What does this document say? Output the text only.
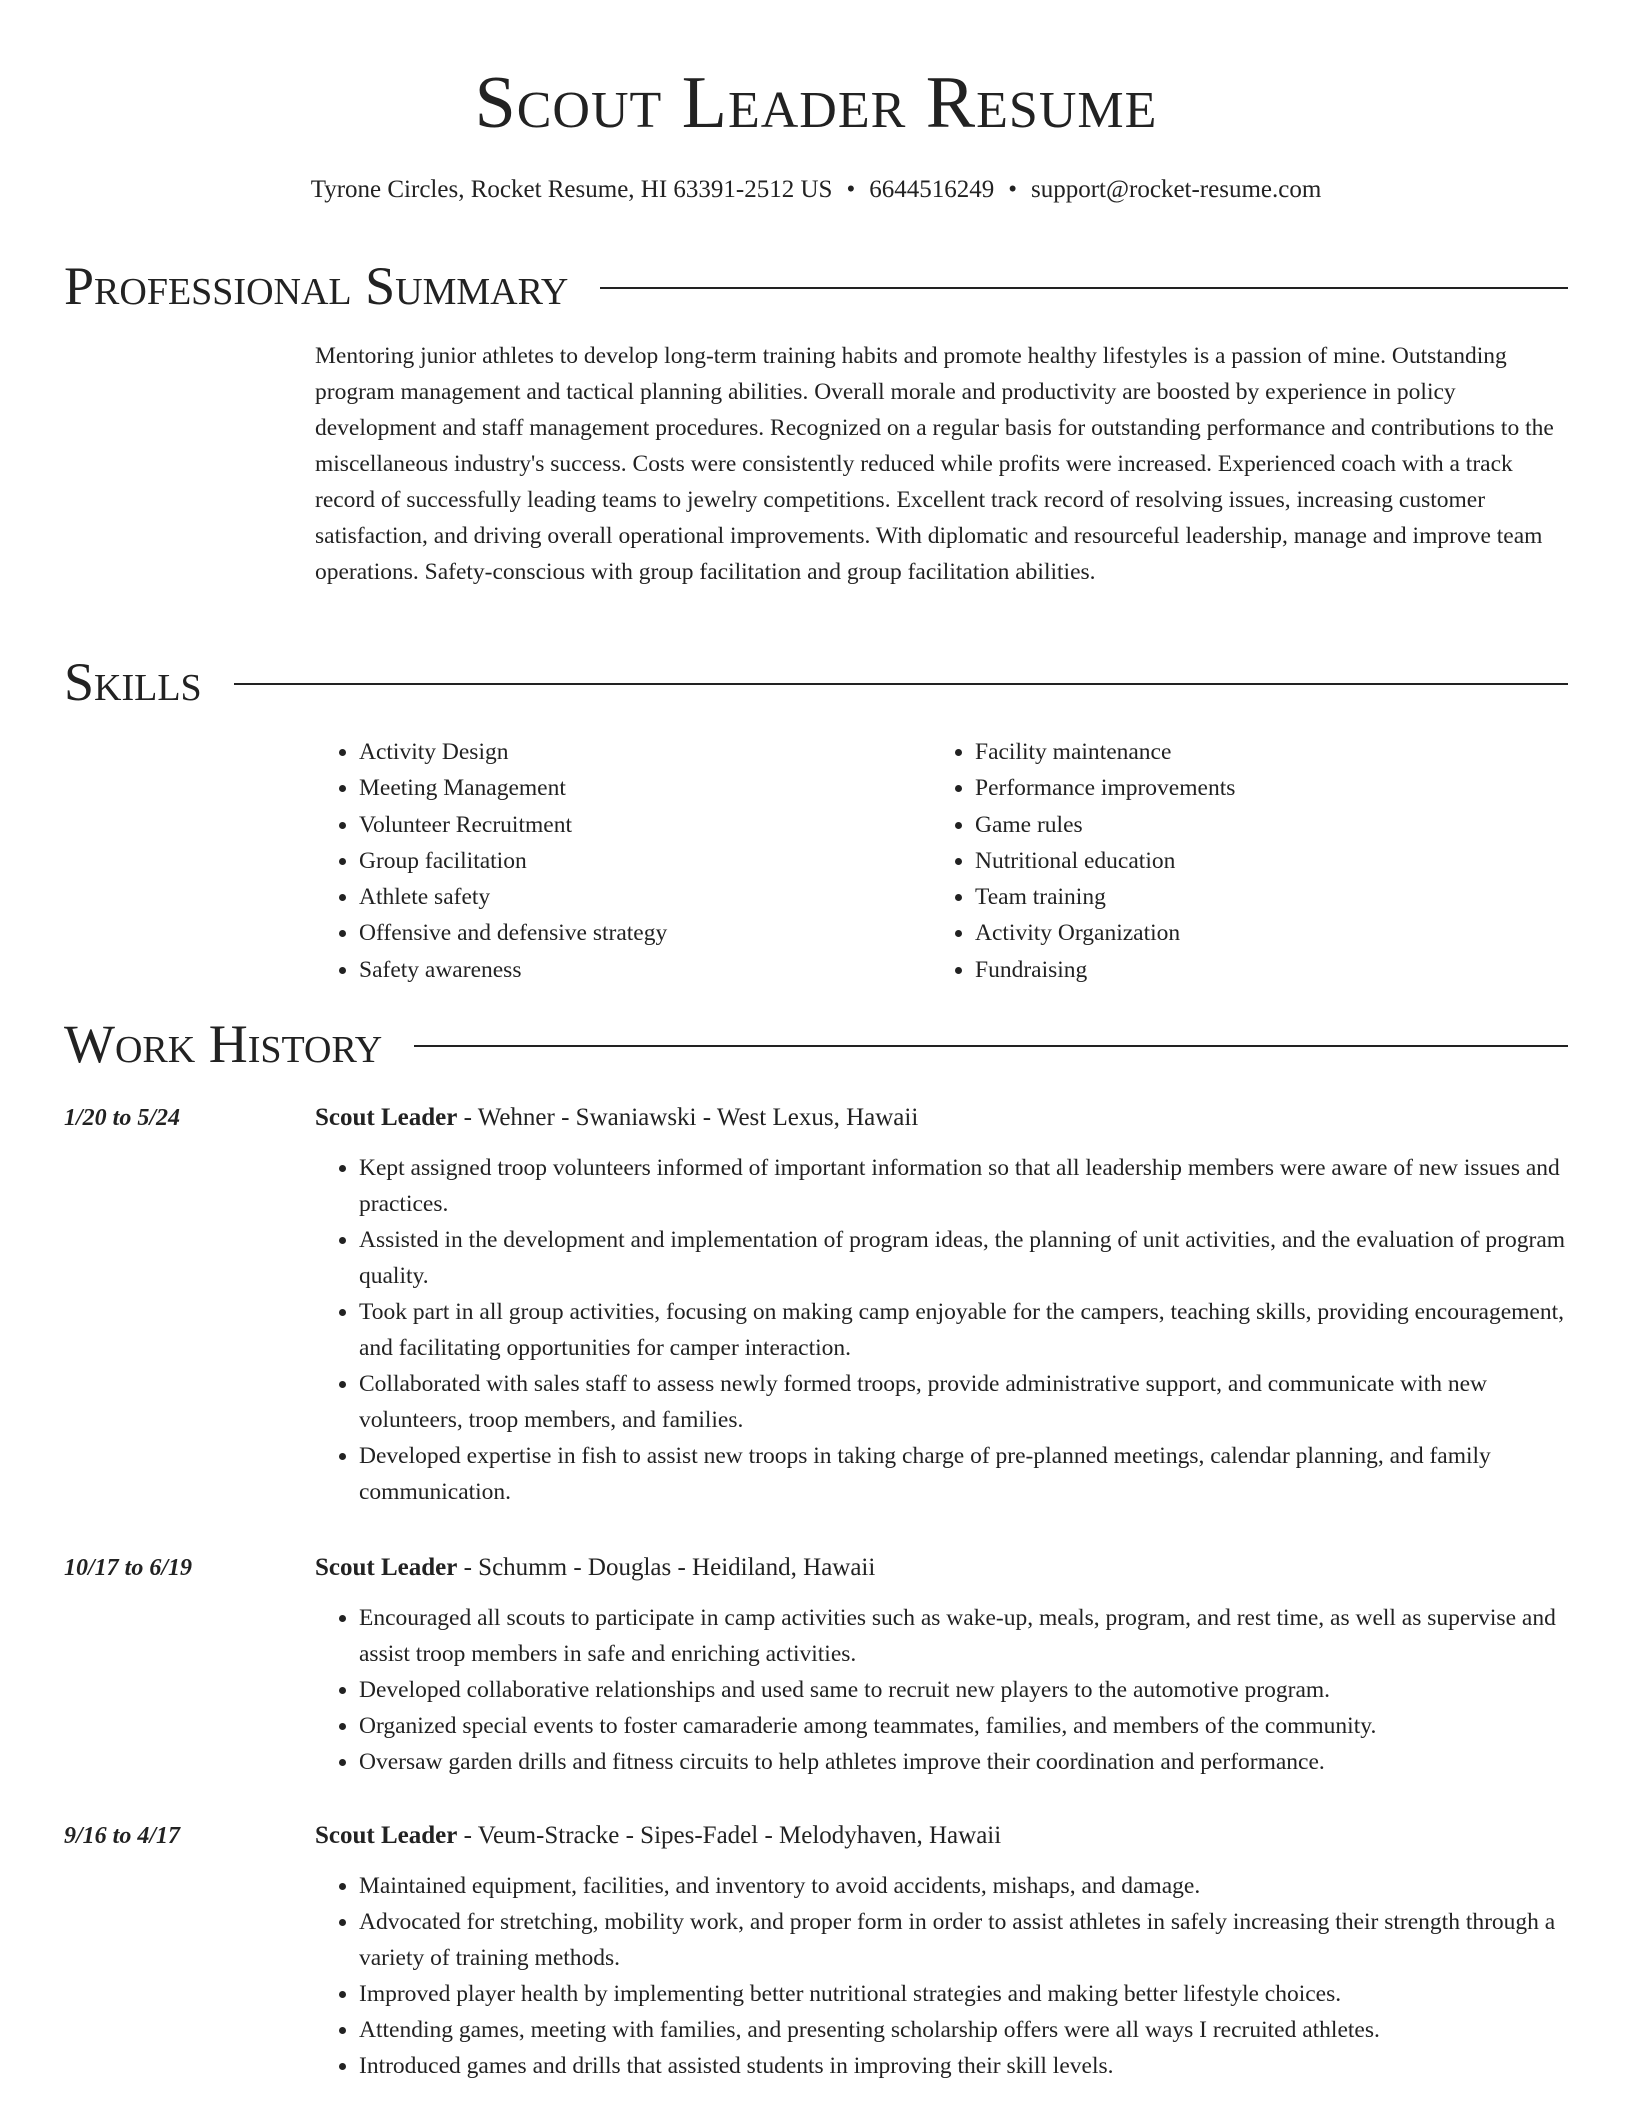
Scout Leader Resume
Tyrone Circles, Rocket Resume, HI 63391-2512 US • 6644516249 • support@rocket-resume.com
Professional Summary

Mentoring junior athletes to develop long-term training habits and promote healthy lifestyles is a passion of mine. Outstanding program management and tactical planning abilities. Overall morale and productivity are boosted by experience in policy development and staff management procedures. Recognized on a regular basis for outstanding performance and contributions to the miscellaneous industry's success. Costs were consistently reduced while profits were increased. Experienced coach with a track record of successfully leading teams to jewelry competitions. Excellent track record of resolving issues, increasing customer satisfaction, and driving overall operational improvements. With diplomatic and resourceful leadership, manage and improve team operations. Safety-conscious with group facilitation and group facilitation abilities.

Skills
• Activity Design
• Meeting Management
• Volunteer Recruitment
• Group facilitation
• Athlete safety
• Offensive and defensive strategy
• Safety awareness
• Facility maintenance
• Performance improvements
• Game rules
• Nutritional education
• Team training
• Activity Organization
• Fundraising
Work History
1/20 to 5/24	Scout Leader - Wehner - Swaniawski - West Lexus, Hawaii

• Kept assigned troop volunteers informed of important information so that all leadership members were aware of new issues and practices.
• Assisted in the development and implementation of program ideas, the planning of unit activities, and the evaluation of program quality.
• Took part in all group activities, focusing on making camp enjoyable for the campers, teaching skills, providing encouragement, and facilitating opportunities for camper interaction.
• Collaborated with sales staff to assess newly formed troops, provide administrative support, and communicate with new volunteers, troop members, and families.
• Developed expertise in fish to assist new troops in taking charge of pre-planned meetings, calendar planning, and family communication.
10/17 to 6/19	Scout Leader - Schumm - Douglas - Heidiland, Hawaii

• Encouraged all scouts to participate in camp activities such as wake-up, meals, program, and rest time, as well as supervise and assist troop members in safe and enriching activities.
• Developed collaborative relationships and used same to recruit new players to the automotive program.
• Organized special events to foster camaraderie among teammates, families, and members of the community.
• Oversaw garden drills and fitness circuits to help athletes improve their coordination and performance.
9/16 to 4/17	Scout Leader - Veum-Stracke - Sipes-Fadel - Melodyhaven, Hawaii

• Maintained equipment, facilities, and inventory to avoid accidents, mishaps, and damage.
• Advocated for stretching, mobility work, and proper form in order to assist athletes in safely increasing their strength through a variety of training methods.
• Improved player health by implementing better nutritional strategies and making better lifestyle choices.
• Attending games, meeting with families, and presenting scholarship offers were all ways I recruited athletes.
• Introduced games and drills that assisted students in improving their skill levels.
